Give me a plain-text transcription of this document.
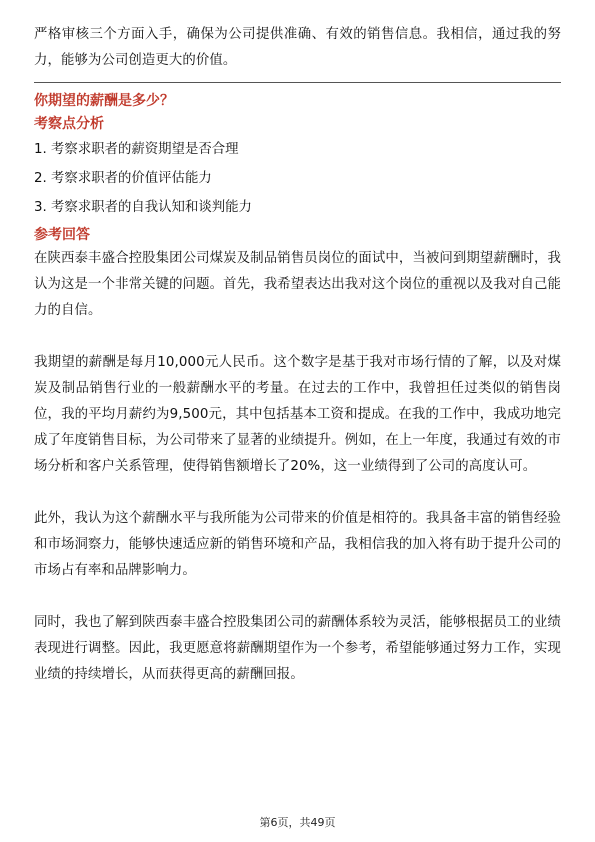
严格审核三个方面入手，确保为公司提供准确、有效的销售信息。我相信，通过我的努力，能够为公司创造更大的价值。

你期望的薪酬是多少？

考察点分析

1. 考察求职者的薪资期望是否合理

2. 考察求职者的价值评估能力

3. 考察求职者的自我认知和谈判能力

参考回答

在陕西泰丰盛合控股集团公司煤炭及制品销售员岗位的面试中，当被问到期望薪酬时，我认为这是一个非常关键的问题。首先，我希望表达出我对这个岗位的重视以及我对自己能力的自信。

我期望的薪酬是每月10,000元人民币。这个数字是基于我对市场行情的了解，以及对煤炭及制品销售行业的一般薪酬水平的考量。在过去的工作中，我曾担任过类似的销售岗位，我的平均月薪约为9,500元，其中包括基本工资和提成。在我的工作中，我成功地完成了年度销售目标，为公司带来了显著的业绩提升。例如，在上一年度，我通过有效的市场分析和客户关系管理，使得销售额增长了20%，这一业绩得到了公司的高度认可。

此外，我认为这个薪酬水平与我所能为公司带来的价值是相符的。我具备丰富的销售经验和市场洞察力，能够快速适应新的销售环境和产品，我相信我的加入将有助于提升公司的市场占有率和品牌影响力。

同时，我也了解到陕西泰丰盛合控股集团公司的薪酬体系较为灵活，能够根据员工的业绩表现进行调整。因此，我更愿意将薪酬期望作为一个参考，希望能够通过努力工作，实现业绩的持续增长，从而获得更高的薪酬回报。

第6页，共49页
